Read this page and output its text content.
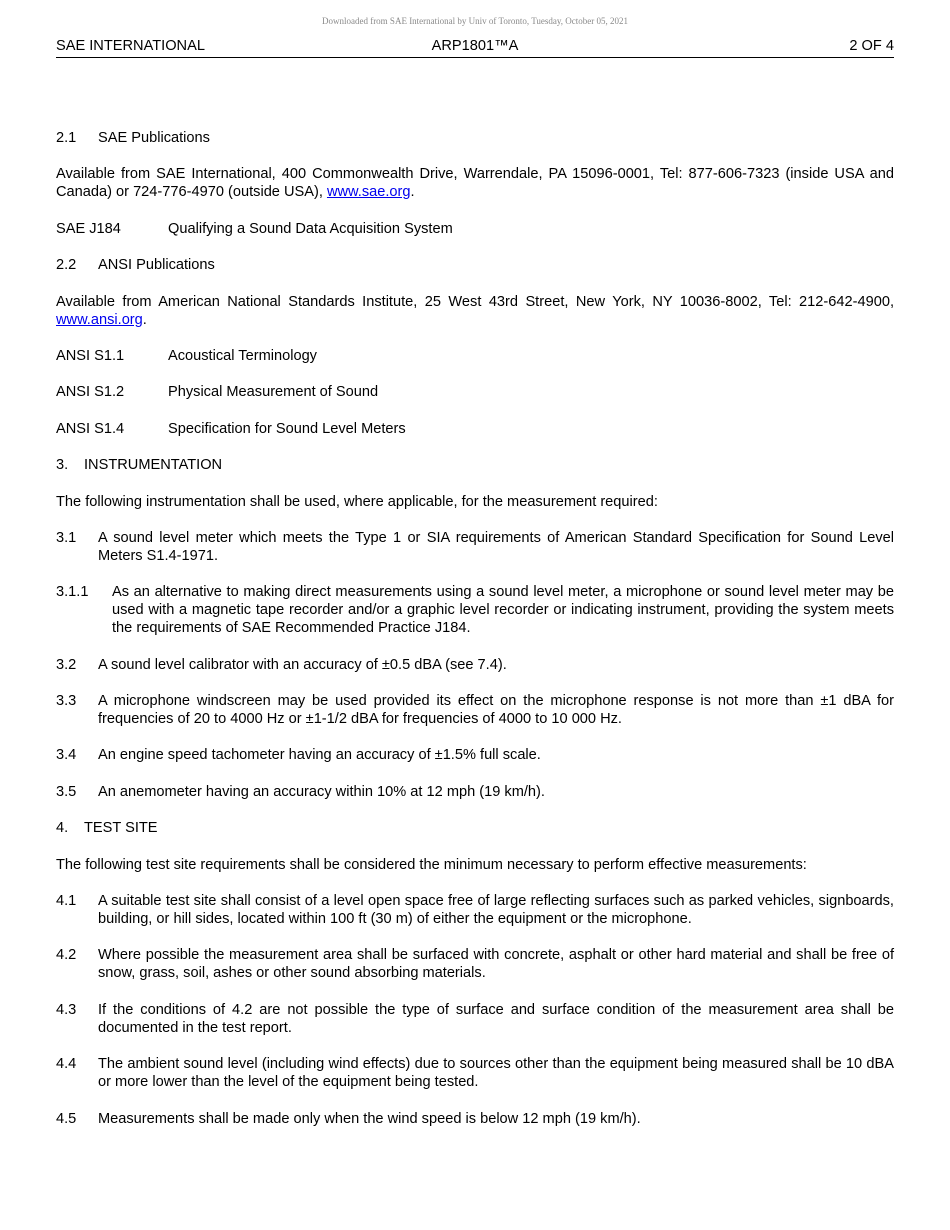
Downloaded from SAE International by Univ of Toronto, Tuesday, October 05, 2021
SAE INTERNATIONAL	ARP1801™A	2 OF 4
2.1	SAE Publications

Available from SAE International, 400 Commonwealth Drive, Warrendale, PA 15096-0001, Tel: 877-606-7323 (inside USA and Canada) or 724-776-4970 (outside USA), www.sae.org.

SAE J184	Qualifying a Sound Data Acquisition System
2.2	ANSI Publications

Available from American National Standards Institute, 25 West 43rd Street, New York, NY 10036-8002, Tel: 212-642-4900, www.ansi.org.

ANSI S1.1	Acoustical Terminology
ANSI S1.2	Physical Measurement of Sound
ANSI S1.4	Specification for Sound Level Meters
3.	INSTRUMENTATION

The following instrumentation shall be used, where applicable, for the measurement required:

3.1	A sound level meter which meets the Type 1 or SIA requirements of American Standard Specification for Sound Level Meters S1.4-1971.
3.1.1	As an alternative to making direct measurements using a sound level meter, a microphone or sound level meter may be used with a magnetic tape recorder and/or a graphic level recorder or indicating instrument, providing the system meets the requirements of SAE Recommended Practice J184.
3.2	A sound level calibrator with an accuracy of ±0.5 dBA (see 7.4).
3.3	A microphone windscreen may be used provided its effect on the microphone response is not more than ±1 dBA for frequencies of 20 to 4000 Hz or ±1-1/2 dBA for frequencies of 4000 to 10 000 Hz.
3.4	An engine speed tachometer having an accuracy of ±1.5% full scale.
3.5	An anemometer having an accuracy within 10% at 12 mph (19 km/h).
4.	TEST SITE

The following test site requirements shall be considered the minimum necessary to perform effective measurements:

4.1	A suitable test site shall consist of a level open space free of large reflecting surfaces such as parked vehicles, signboards, building, or hill sides, located within 100 ft (30 m) of either the equipment or the microphone.
4.2	Where possible the measurement area shall be surfaced with concrete, asphalt or other hard material and shall be free of snow, grass, soil, ashes or other sound absorbing materials.
4.3	If the conditions of 4.2 are not possible the type of surface and surface condition of the measurement area shall be documented in the test report.
4.4	The ambient sound level (including wind effects) due to sources other than the equipment being measured shall be 10 dBA or more lower than the level of the equipment being tested.
4.5	Measurements shall be made only when the wind speed is below 12 mph (19 km/h).
